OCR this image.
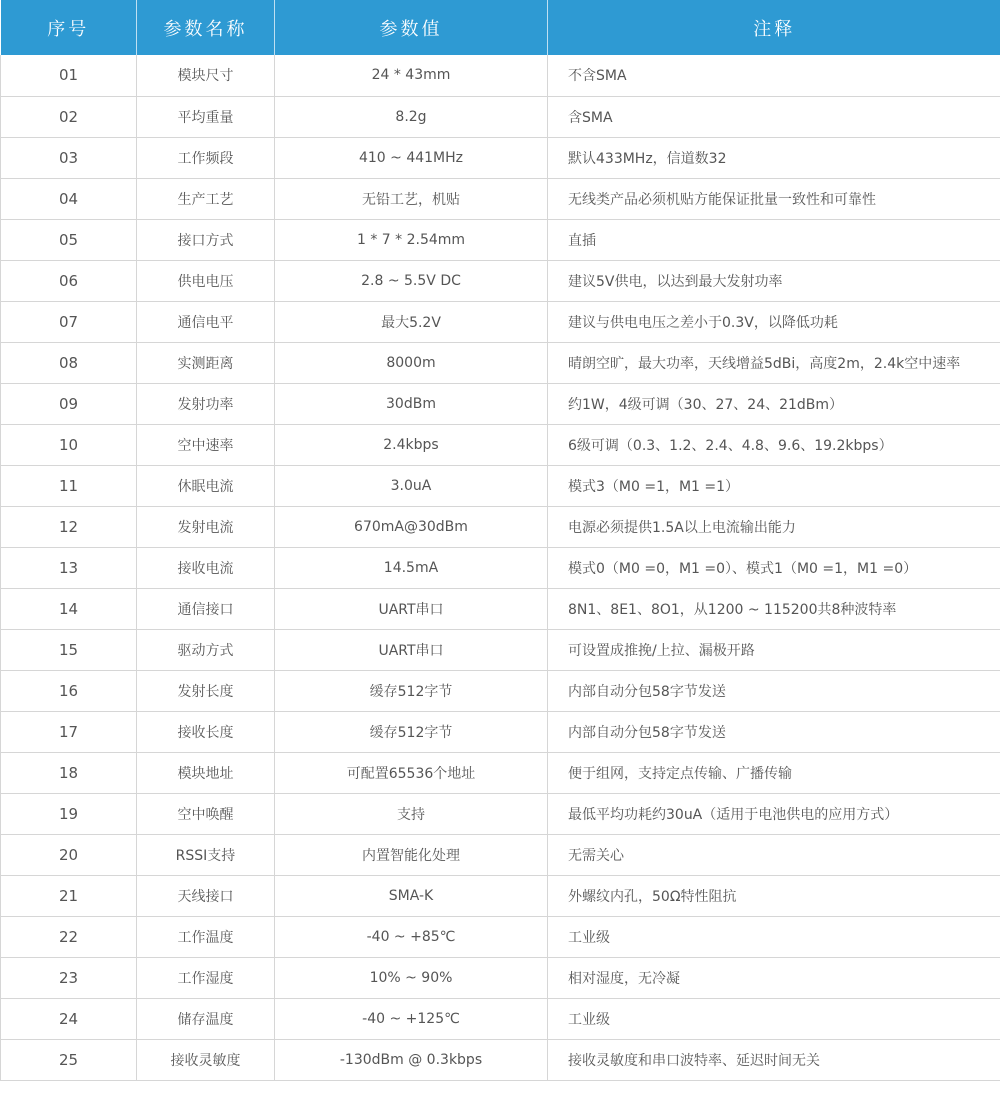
序号	参数名称	参数值	注释
01	模块尺寸	24 * 43mm	不含SMA
02	平均重量	8.2g	含SMA
03	工作频段	410 ~ 441MHz	默认433MHz，信道数32
04	生产工艺	无铅工艺，机贴	无线类产品必须机贴方能保证批量一致性和可靠性
05	接口方式	1 * 7 * 2.54mm	直插
06	供电电压	2.8 ~ 5.5V DC	建议5V供电，以达到最大发射功率
07	通信电平	最大5.2V	建议与供电电压之差小于0.3V，以降低功耗
08	实测距离	8000m	晴朗空旷，最大功率，天线增益5dBi，高度2m，2.4k空中速率
09	发射功率	30dBm	约1W，4级可调（30、27、24、21dBm）
10	空中速率	2.4kbps	6级可调（0.3、1.2、2.4、4.8、9.6、19.2kbps）
11	休眠电流	3.0uA	模式3（M0 =1，M1 =1）
12	发射电流	670mA@30dBm	电源必须提供1.5A以上电流输出能力
13	接收电流	14.5mA	模式0（M0 =0，M1 =0）、模式1（M0 =1，M1 =0）
14	通信接口	UART串口	8N1、8E1、8O1，从1200 ~ 115200共8种波特率
15	驱动方式	UART串口	可设置成推挽/上拉、漏极开路
16	发射长度	缓存512字节	内部自动分包58字节发送
17	接收长度	缓存512字节	内部自动分包58字节发送
18	模块地址	可配置65536个地址	便于组网，支持定点传输、广播传输
19	空中唤醒	支持	最低平均功耗约30uA（适用于电池供电的应用方式）
20	RSSI支持	内置智能化处理	无需关心
21	天线接口	SMA-K	外螺纹内孔，50Ω特性阻抗
22	工作温度	-40 ~ +85℃	工业级
23	工作湿度	10% ~ 90%	相对湿度，无冷凝
24	储存温度	-40 ~ +125℃	工业级
25	接收灵敏度	-130dBm @ 0.3kbps	接收灵敏度和串口波特率、延迟时间无关
